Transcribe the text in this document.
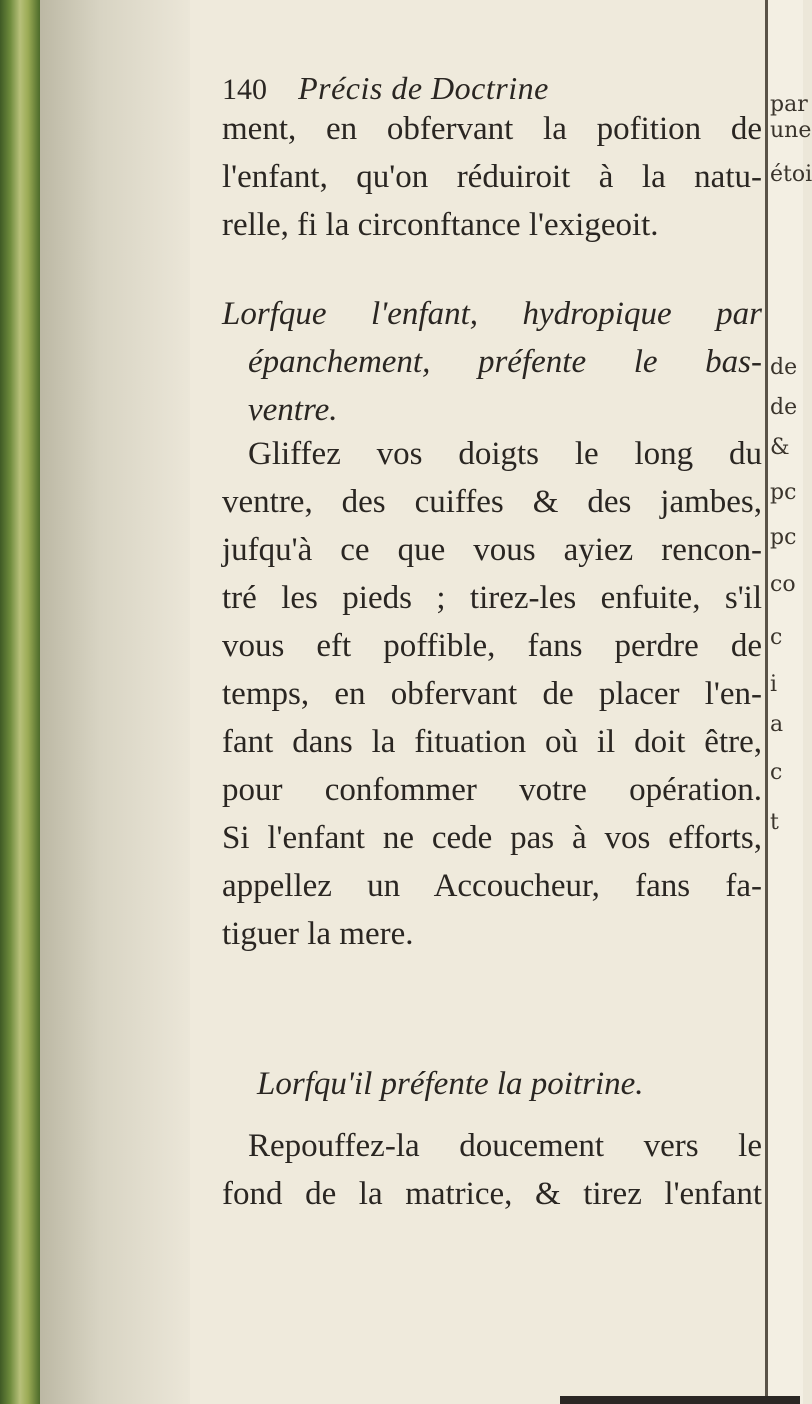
par
une
étoi
de
de
&
pc
pc
co
c
i
a
c
t
140 Précis de Doctrine
ment, en obfervant la pofition de
l'enfant, qu'on réduiroit à la natu-
relle, fi la circonftance l'exigeoit.
Lorfque l'enfant, hydropique par
épanchement, préfente le bas-
ventre.
Gliffez vos doigts le long du
ventre, des cuiffes & des jambes,
jufqu'à ce que vous ayiez rencon-
tré les pieds ; tirez-les enfuite, s'il
vous eft poffible, fans perdre de
temps, en obfervant de placer l'en-
fant dans la fituation où il doit être,
pour confommer votre opération.
Si l'enfant ne cede pas à vos efforts,
appellez un Accoucheur, fans fa-
tiguer la mere.
Lorfqu'il préfente la poitrine.
Repouffez-la doucement vers le
fond de la matrice, & tirez l'enfant
